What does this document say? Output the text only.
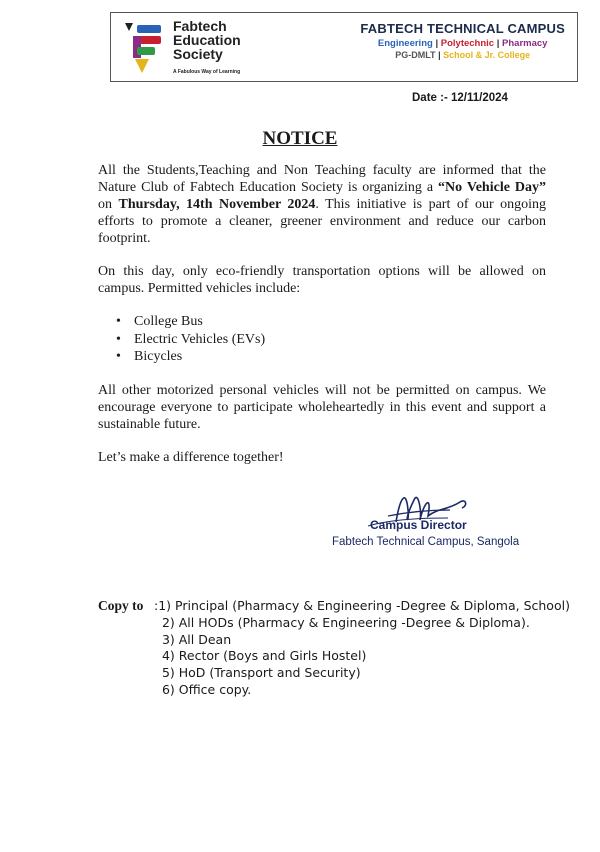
Fabtech
Education
Society
A Fabulous Way of Learning
FABTECH TECHNICAL CAMPUS
Engineering | Polytechnic | Pharmacy
PG-DMLT | School & Jr. College
Date :- 12/11/2024
NOTICE

All the Students,Teaching and Non Teaching faculty are informed that the Nature Club of Fabtech Education Society is organizing a “No Vehicle Day” on Thursday, 14th November 2024. This initiative is part of our ongoing efforts to promote a cleaner, greener environment and reduce our carbon footprint.

On this day, only eco-friendly transportation options will be allowed on campus. Permitted vehicles include:

• College Bus
• Electric Vehicles (EVs)
• Bicycles

All other motorized personal vehicles will not be permitted on campus. We encourage everyone to participate wholeheartedly in this event and support a sustainable future.

Let’s make a difference together!

Campus Director
Fabtech Technical Campus, Sangola
Copy to :1) Principal (Pharmacy & Engineering -Degree & Diploma, School)
2) All HODs (Pharmacy & Engineering -Degree & Diploma).
3) All Dean
4) Rector (Boys and Girls Hostel)
5) HoD (Transport and Security)
6) Office copy.
